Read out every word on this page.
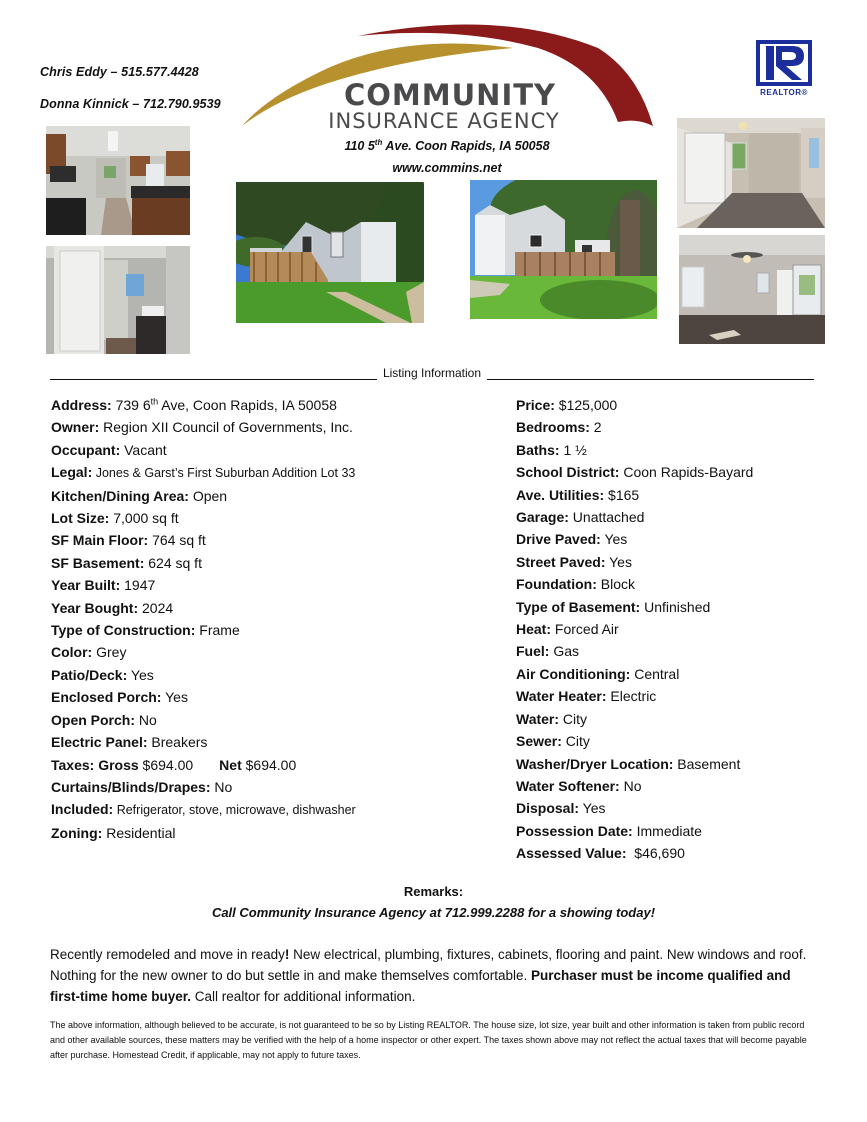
Chris Eddy – 515.577.4428
Donna Kinnick – 712.790.9539	COMMUNITY
INSURANCE AGENCY
110 5th Ave. Coon Rapids, IA 50058
www.commins.net
REALTOR®
Listing Information
Address: 739 6th Ave, Coon Rapids, IA 50058
Owner: Region XII Council of Governments, Inc.
Occupant: Vacant
Legal: Jones & Garst’s First Suburban Addition Lot 33
Kitchen/Dining Area: Open
Lot Size: 7,000 sq ft
SF Main Floor: 764 sq ft
SF Basement: 624 sq ft
Year Built: 1947
Year Bought: 2024
Type of Construction: Frame
Color: Grey
Patio/Deck: Yes
Enclosed Porch: Yes
Open Porch: No
Electric Panel: Breakers
Taxes: Gross $694.00 Net $694.00
Curtains/Blinds/Drapes: No
Included: Refrigerator, stove, microwave, dishwasher
Zoning: Residential
Price: $125,000
Bedrooms: 2
Baths: 1 ½
School District: Coon Rapids-Bayard
Ave. Utilities: $165
Garage: Unattached
Drive Paved: Yes
Street Paved: Yes
Foundation: Block
Type of Basement: Unfinished
Heat: Forced Air
Fuel: Gas
Air Conditioning: Central
Water Heater: Electric
Water: City
Sewer: City
Washer/Dryer Location: Basement
Water Softener: No
Disposal: Yes
Possession Date: Immediate
Assessed Value:  $46,690
Remarks:
Call Community Insurance Agency at 712.999.2288 for a showing today!
Recently remodeled and move in ready! New electrical, plumbing, fixtures, cabinets, flooring and paint. New windows and roof. Nothing for the new owner to do but settle in and make themselves comfortable. Purchaser must be income qualified and first-time home buyer. Call realtor for additional information.
The above information, although believed to be accurate, is not guaranteed to be so by Listing REALTOR. The house size, lot size, year built and other information is taken from public record and other available sources, these matters may be verified with the help of a home inspector or other expert. The taxes shown above may not reflect the actual taxes that will become payable after purchase. Homestead Credit, if applicable, may not apply to future taxes.
